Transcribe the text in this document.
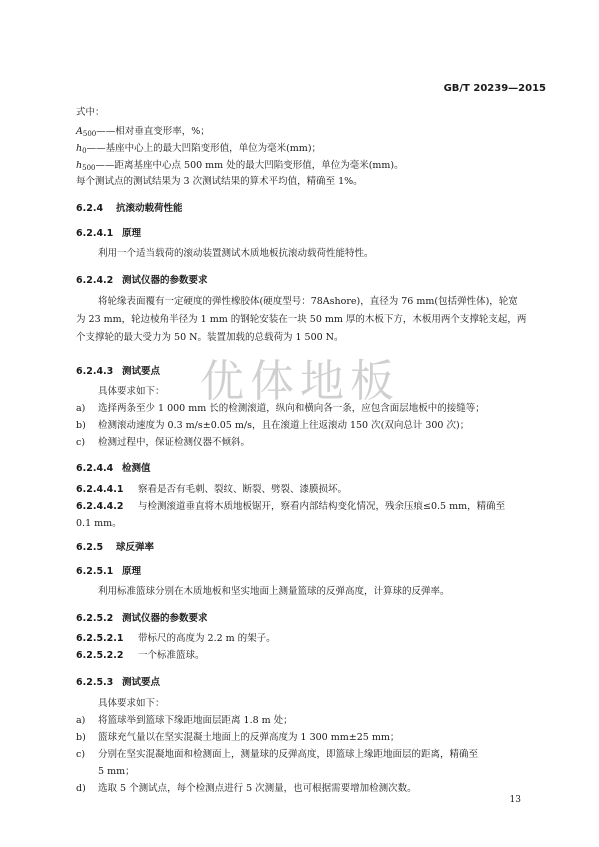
GB/T 20239—2015
式中：
$A_{500}——$相对垂直变形率，%；
$h_0——$基座中心上的最大凹陷变形值，单位为毫米(mm)；
$h_{500}——$距离基座中心点 500 mm 处的最大凹陷变形值，单位为毫米(mm)。
每个测试点的测试结果为 3 次测试结果的算术平均值，精确至 1%。
6.2.4 抗滚动载荷性能
6.2.4.1 原理
利用一个适当载荷的滚动装置测试木质地板抗滚动载荷性能特性。
6.2.4.2 测试仪器的参数要求
将轮缘表面覆有一定硬度的弹性橡胶体(硬度型号：78Ashore)，直径为 76 mm(包括弹性体)，轮宽
为 23 mm，轮边棱角半径为 1 mm 的钢轮安装在一块 50 mm 厚的木板下方，木板用两个支撑轮支起，两
个支撑轮的最大受力为 50 N。装置加载的总载荷为 1 500 N。
优体地板
6.2.4.3 测试要点
具体要求如下：
a) 选择两条至少 1 000 mm 长的检测滚道，纵向和横向各一条，应包含面层地板中的接缝等；
b) 检测滚动速度为 0.3 m/s±0.05 m/s，且在滚道上往返滚动 150 次(双向总计 300 次)；
c) 检测过程中，保证检测仪器不倾斜。
6.2.4.4 检测值
6.2.4.4.1 察看是否有毛刺、裂纹、断裂、劈裂、漆膜损坏。
6.2.4.4.2 与检测滚道垂直将木质地板锯开，察看内部结构变化情况，残余压痕≤0.5 mm，精确至
0.1 mm。
6.2.5 球反弹率
6.2.5.1 原理
利用标准篮球分别在木质地板和坚实地面上测量篮球的反弹高度，计算球的反弹率。
6.2.5.2 测试仪器的参数要求
6.2.5.2.1 带标尺的高度为 2.2 m 的架子。
6.2.5.2.2 一个标准篮球。
6.2.5.3 测试要点
具体要求如下：
a) 将篮球举到篮球下缘距地面层距离 1.8 m 处；
b) 篮球充气量以在坚实混凝土地面上的反弹高度为 1 300 mm±25 mm；
c) 分别在坚实混凝地面和检测面上，测量球的反弹高度，即篮球上缘距地面层的距离，精确至
5 mm；
d) 选取 5 个测试点，每个检测点进行 5 次测量，也可根据需要增加检测次数。
13
